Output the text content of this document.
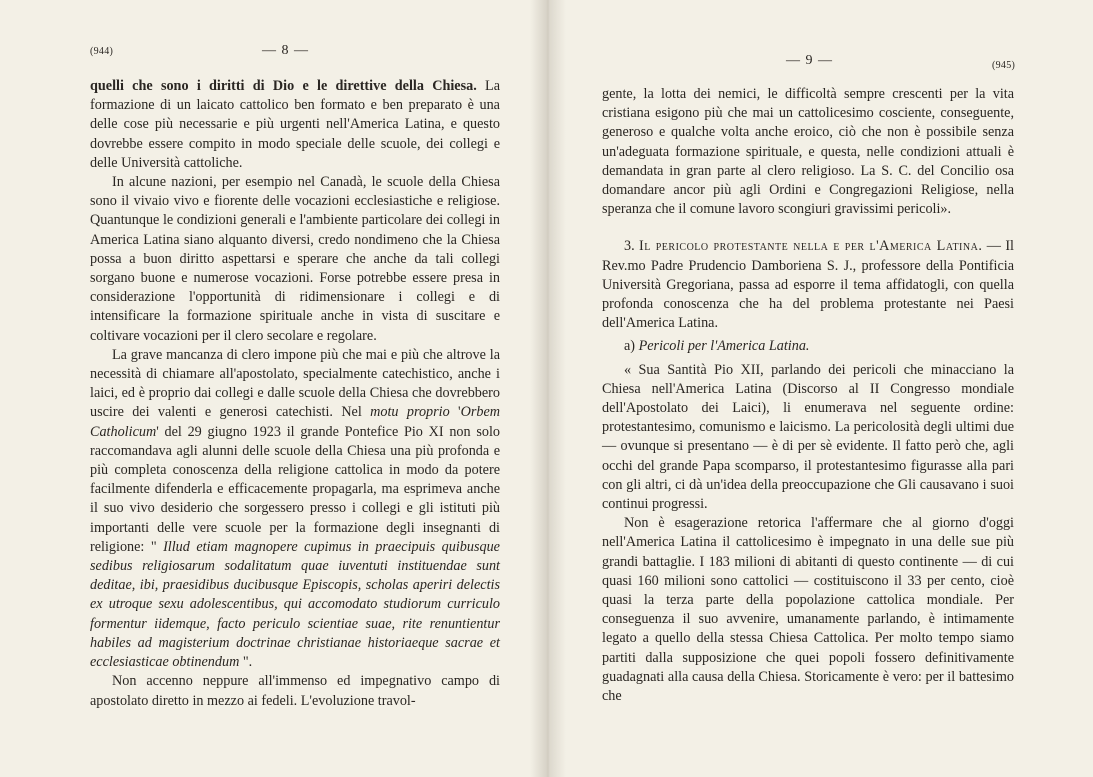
(944)	— 8 —

quelli che sono i diritti di Dio e le direttive della Chiesa. La formazione di un laicato cattolico ben formato e ben preparato è una delle cose più necessarie e più urgenti nell'America Latina, e questo dovrebbe essere compito in modo speciale delle scuole, dei collegi e delle Università cattoliche.

In alcune nazioni, per esempio nel Canadà, le scuole della Chiesa sono il vivaio vivo e fiorente delle vocazioni ecclesiastiche e religiose. Quantunque le condizioni generali e l'ambiente particolare dei collegi in America Latina siano alquanto diversi, credo nondimeno che la Chiesa possa a buon diritto aspettarsi e sperare che anche da tali collegi sorgano buone e numerose vocazioni. Forse potrebbe essere presa in considerazione l'opportunità di ridimensionare i collegi e di intensificare la formazione spirituale anche in vista di suscitare e coltivare vocazioni per il clero secolare e regolare.

La grave mancanza di clero impone più che mai e più che altrove la necessità di chiamare all'apostolato, specialmente catechistico, anche i laici, ed è proprio dai collegi e dalle scuole della Chiesa che dovrebbero uscire dei valenti e generosi catechisti. Nel motu proprio 'Orbem Catholicum' del 29 giugno 1923 il grande Pontefice Pio XI non solo raccomandava agli alunni delle scuole della Chiesa una più profonda e più completa conoscenza della religione cattolica in modo da potere facilmente difenderla e efficacemente propagarla, ma esprimeva anche il suo vivo desiderio che sorgessero presso i collegi e gli istituti più importanti delle vere scuole per la formazione degli insegnanti di religione: " Illud etiam magnopere cupimus in praecipuis quibusque sedibus religiosarum sodalitatum quae iuventuti instituendae sunt deditae, ibi, praesidibus ducibusque Episcopis, scholas aperiri delectis ex utroque sexu adolescentibus, qui accomodato studiorum curriculo formentur iidemque, facto periculo scientiae suae, rite renuntientur habiles ad magisterium doctrinae christianae historiaeque sacrae et ecclesiasticae obtinendum ".

Non accenno neppure all'immenso ed impegnativo campo di apostolato diretto in mezzo ai fedeli. L'evoluzione travol-

— 9 —	(945)

gente, la lotta dei nemici, le difficoltà sempre crescenti per la vita cristiana esigono più che mai un cattolicesimo cosciente, conseguente, generoso e qualche volta anche eroico, ciò che non è possibile senza un'adeguata formazione spirituale, e questa, nelle condizioni attuali è demandata in gran parte al clero religioso. La S. C. del Concilio osa domandare ancor più agli Ordini e Congregazioni Religiose, nella speranza che il comune lavoro scongiuri gravissimi pericoli».

3. Il pericolo protestante nella e per l'America Latina. — Il Rev.mo Padre Prudencio Damboriena S. J., professore della Pontificia Università Gregoriana, passa ad esporre il tema affidatogli, con quella profonda conoscenza che ha del problema protestante nei Paesi dell'America Latina.

a) Pericoli per l'America Latina.

« Sua Santità Pio XII, parlando dei pericoli che minacciano la Chiesa nell'America Latina (Discorso al II Congresso mondiale dell'Apostolato dei Laici), li enumerava nel seguente ordine: protestantesimo, comunismo e laicismo. La pericolosità degli ultimi due — ovunque si presentano — è di per sè evidente. Il fatto però che, agli occhi del grande Papa scomparso, il protestantesimo figurasse alla pari con gli altri, ci dà un'idea della preoccupazione che Gli causavano i suoi continui progressi.

Non è esagerazione retorica l'affermare che al giorno d'oggi nell'America Latina il cattolicesimo è impegnato in una delle sue più grandi battaglie. I 183 milioni di abitanti di questo continente — di cui quasi 160 milioni sono cattolici — costituiscono il 33 per cento, cioè quasi la terza parte della popolazione cattolica mondiale. Per conseguenza il suo avvenire, umanamente parlando, è intimamente legato a quello della stessa Chiesa Cattolica. Per molto tempo siamo partiti dalla supposizione che quei popoli fossero definitivamente guadagnati alla causa della Chiesa. Storicamente è vero: per il battesimo che
